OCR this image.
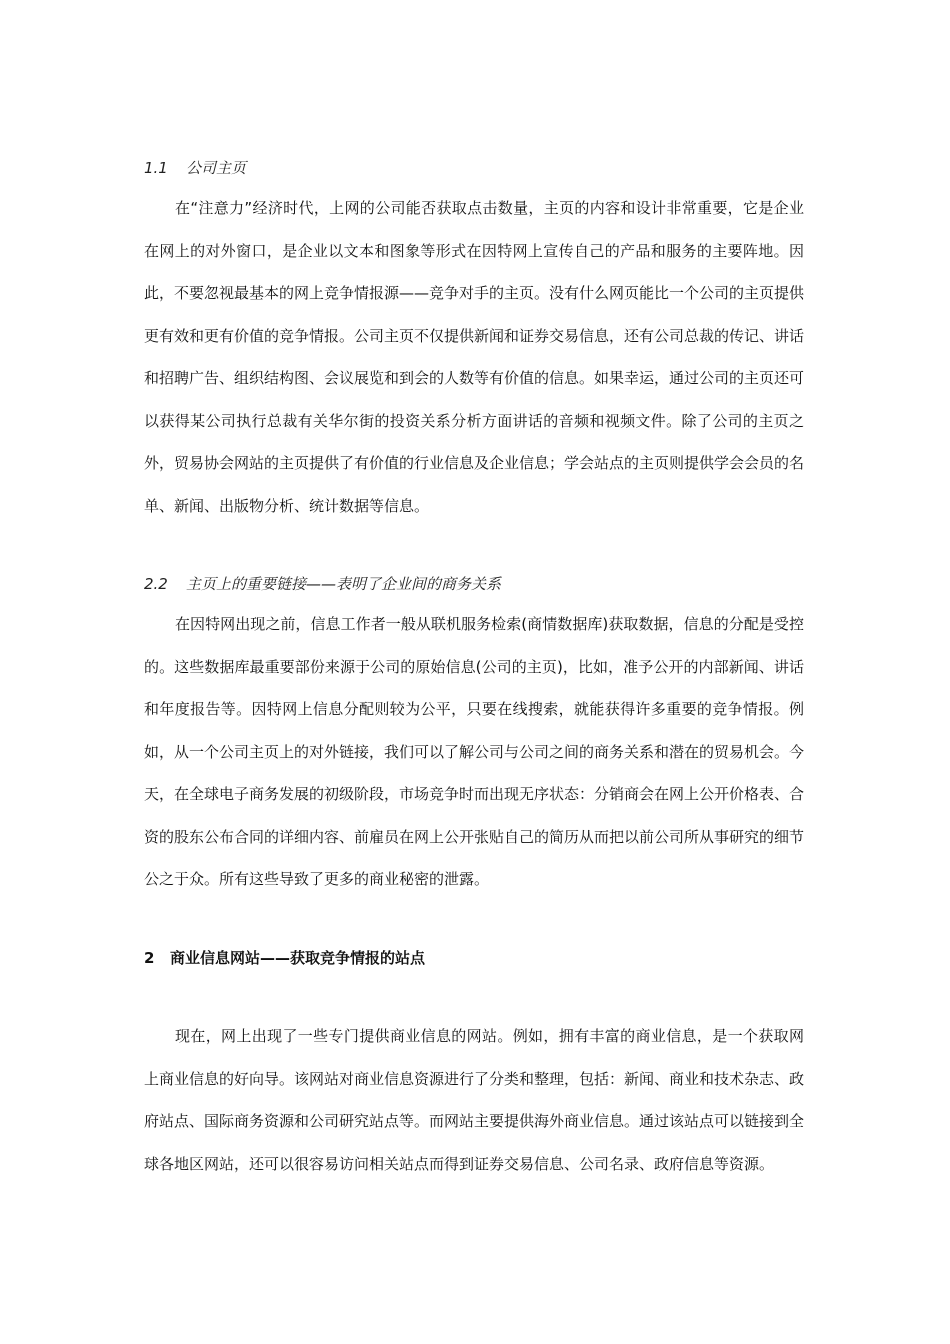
1.1 公司主页

在“注意力”经济时代，上网的公司能否获取点击数量，主页的内容和设计非常重要，它是企业在网上的对外窗口，是企业以文本和图象等形式在因特网上宣传自己的产品和服务的主要阵地。因此，不要忽视最基本的网上竞争情报源——竞争对手的主页。没有什么网页能比一个公司的主页提供更有效和更有价值的竞争情报。公司主页不仅提供新闻和证券交易信息，还有公司总裁的传记、讲话和招聘广告、组织结构图、会议展览和到会的人数等有价值的信息。如果幸运，通过公司的主页还可以获得某公司执行总裁有关华尔街的投资关系分析方面讲话的音频和视频文件。除了公司的主页之外，贸易协会网站的主页提供了有价值的行业信息及企业信息；学会站点的主页则提供学会会员的名单、新闻、出版物分析、统计数据等信息。

2.2 主页上的重要链接——表明了企业间的商务关系

在因特网出现之前，信息工作者一般从联机服务检索(商情数据库)获取数据，信息的分配是受控的。这些数据库最重要部份来源于公司的原始信息(公司的主页)，比如，准予公开的内部新闻、讲话和年度报告等。因特网上信息分配则较为公平，只要在线搜索，就能获得许多重要的竞争情报。例如，从一个公司主页上的对外链接，我们可以了解公司与公司之间的商务关系和潜在的贸易机会。今天，在全球电子商务发展的初级阶段，市场竞争时而出现无序状态：分销商会在网上公开价格表、合资的股东公布合同的详细内容、前雇员在网上公开张贴自己的简历从而把以前公司所从事研究的细节公之于众。所有这些导致了更多的商业秘密的泄露。

2 商业信息网站——获取竞争情报的站点

现在，网上出现了一些专门提供商业信息的网站。例如，拥有丰富的商业信息，是一个获取网上商业信息的好向导。该网站对商业信息资源进行了分类和整理，包括：新闻、商业和技术杂志、政府站点、国际商务资源和公司研究站点等。而网站主要提供海外商业信息。通过该站点可以链接到全球各地区网站，还可以很容易访问相关站点而得到证券交易信息、公司名录、政府信息等资源。
